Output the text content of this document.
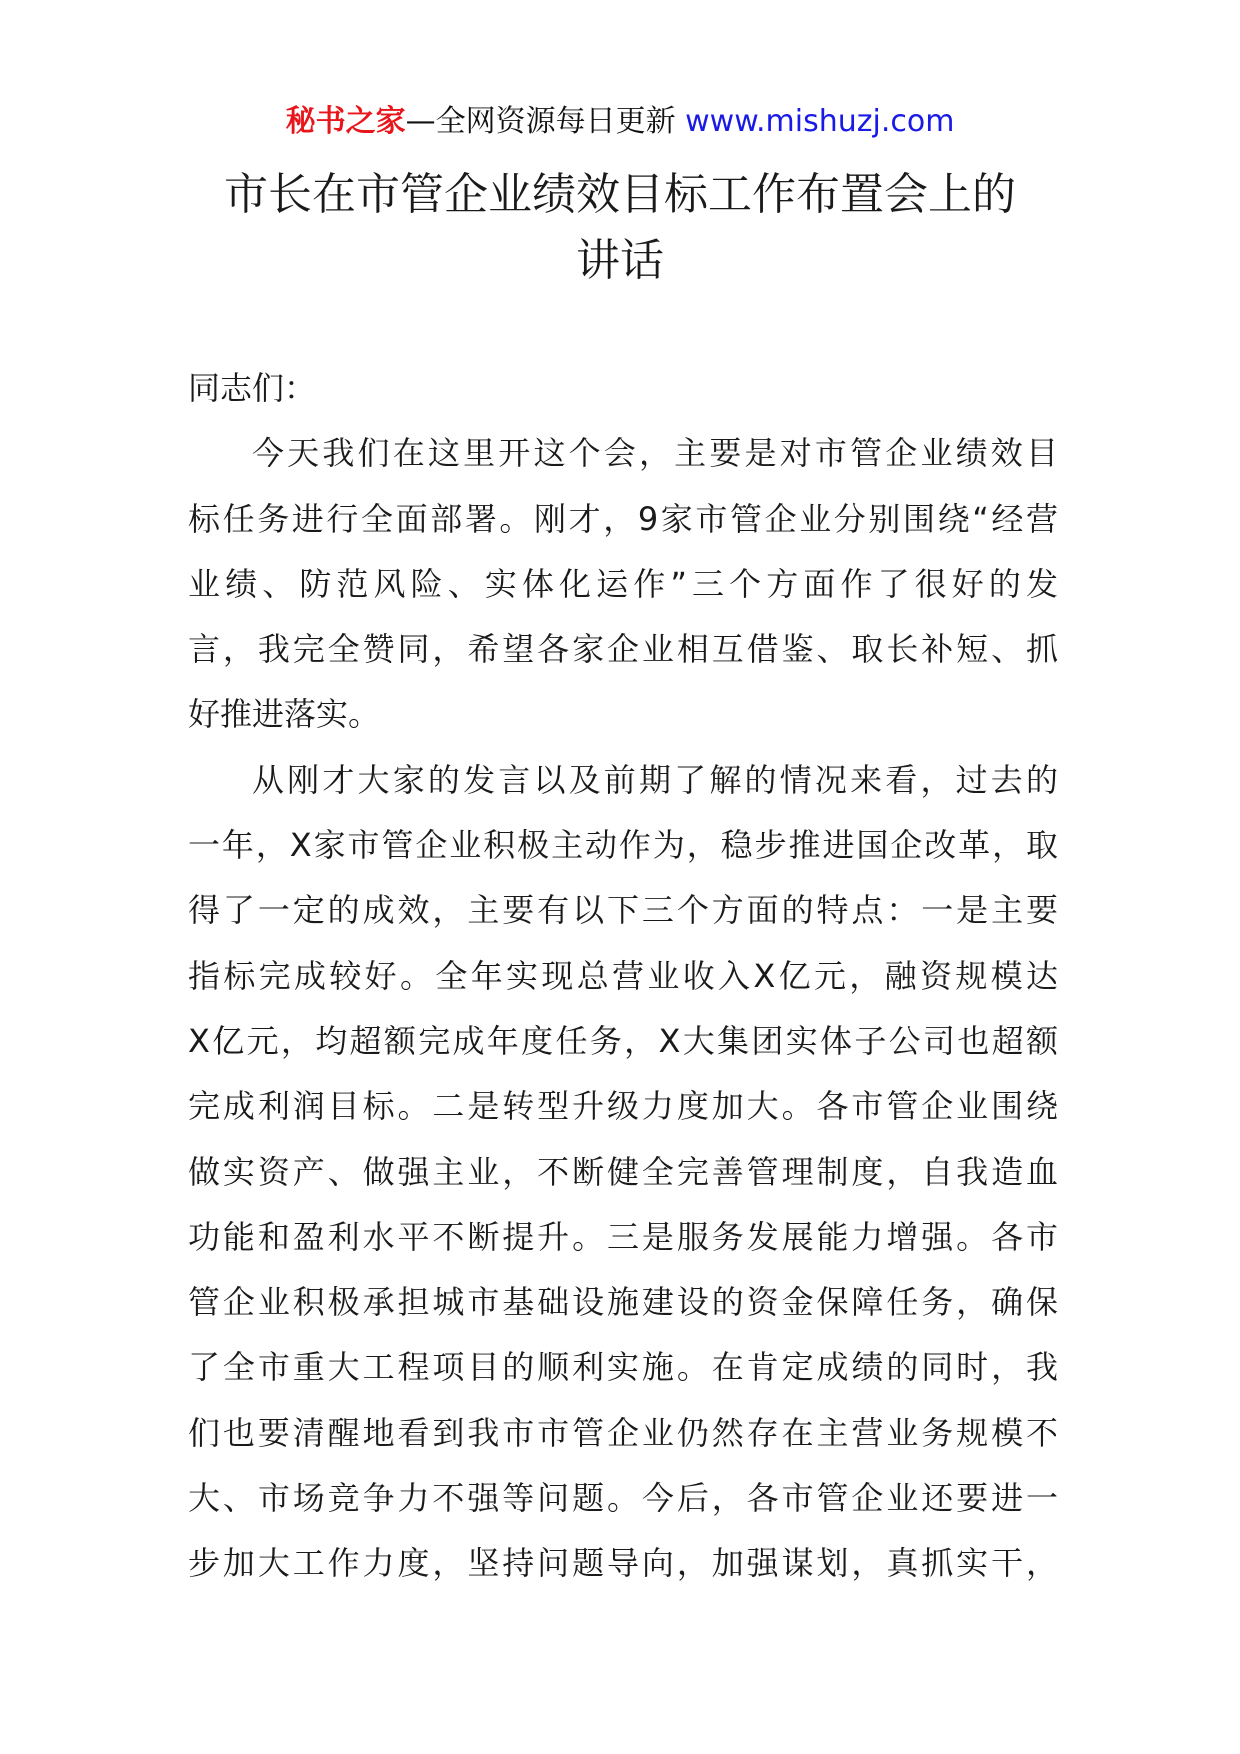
秘书之家—全网资源每日更新 www.mishuzj.com
市长在市管企业绩效目标工作布置会上的
讲话
同志们：
今天我们在这里开这个会，主要是对市管企业绩效目
标任务进行全面部署。刚才，9家市管企业分别围绕“经营
业绩、防范风险、实体化运作”三个方面作了很好的发
言，我完全赞同，希望各家企业相互借鉴、取长补短、抓
好推进落实。
从刚才大家的发言以及前期了解的情况来看，过去的
一年，X家市管企业积极主动作为，稳步推进国企改革，取
得了一定的成效，主要有以下三个方面的特点：一是主要
指标完成较好。全年实现总营业收入X亿元，融资规模达
X亿元，均超额完成年度任务，X大集团实体子公司也超额
完成利润目标。二是转型升级力度加大。各市管企业围绕
做实资产、做强主业，不断健全完善管理制度，自我造血
功能和盈利水平不断提升。三是服务发展能力增强。各市
管企业积极承担城市基础设施建设的资金保障任务，确保
了全市重大工程项目的顺利实施。在肯定成绩的同时，我
们也要清醒地看到我市市管企业仍然存在主营业务规模不
大、市场竞争力不强等问题。今后，各市管企业还要进一
步加大工作力度，坚持问题导向，加强谋划，真抓实干，
